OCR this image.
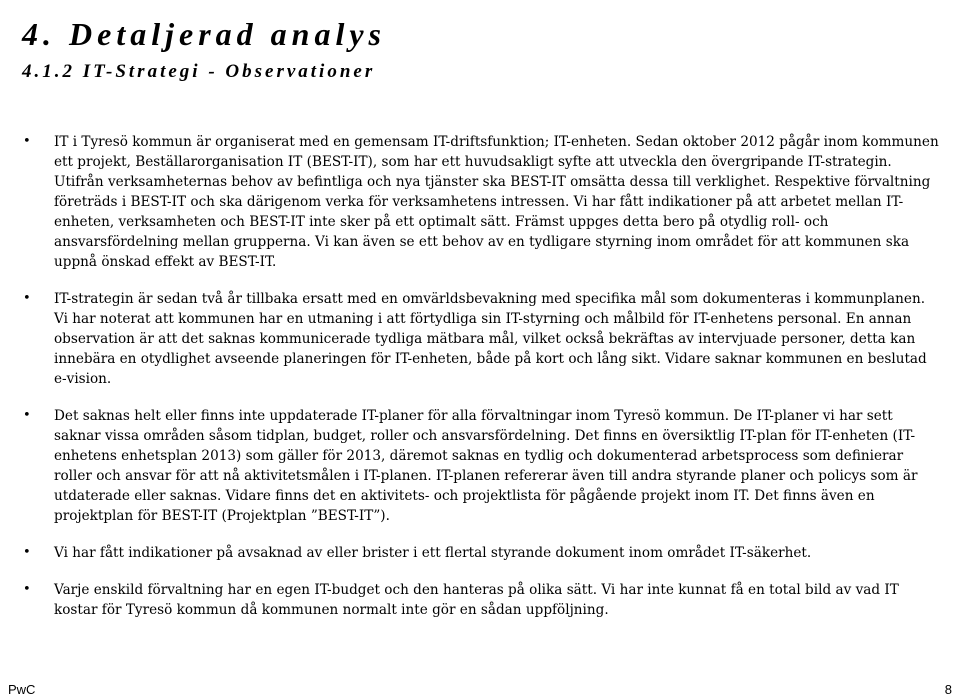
4. Detaljerad analys
4.1.2 IT-Strategi - Observationer
• IT i Tyresö kommun är organiserat med en gemensam IT-driftsfunktion; IT-enheten. Sedan oktober 2012 pågår inom kommunen ett projekt, Beställarorganisation IT (BEST-IT), som har ett huvudsakligt syfte att utveckla den övergripande IT-strategin. Utifrån verksamheternas behov av befintliga och nya tjänster ska BEST-IT omsätta dessa till verklighet. Respektive förvaltning företräds i BEST-IT och ska därigenom verka för verksamhetens intressen. Vi har fått indikationer på att arbetet mellan IT-enheten, verksamheten och BEST-IT inte sker på ett optimalt sätt. Främst uppges detta bero på otydlig roll- och ansvarsfördelning mellan grupperna. Vi kan även se ett behov av en tydligare styrning inom området för att kommunen ska uppnå önskad effekt av BEST-IT.
• IT-strategin är sedan två år tillbaka ersatt med en omvärldsbevakning med specifika mål som dokumenteras i kommunplanen. Vi har noterat att kommunen har en utmaning i att förtydliga sin IT-styrning och målbild för IT-enhetens personal. En annan observation är att det saknas kommunicerade tydliga mätbara mål, vilket också bekräftas av intervjuade personer, detta kan innebära en otydlighet avseende planeringen för IT-enheten, både på kort och lång sikt. Vidare saknar kommunen en beslutad e-vision.
• Det saknas helt eller finns inte uppdaterade IT-planer för alla förvaltningar inom Tyresö kommun. De IT-planer vi har sett saknar vissa områden såsom tidplan, budget, roller och ansvarsfördelning. Det finns en översiktlig IT-plan för IT-enheten (IT-enhetens enhetsplan 2013) som gäller för 2013, däremot saknas en tydlig och dokumenterad arbetsprocess som definierar roller och ansvar för att nå aktivitetsmålen i IT-planen. IT-planen refererar även till andra styrande planer och policys som är utdaterade eller saknas. Vidare finns det en aktivitets- och projektlista för pågående projekt inom IT. Det finns även en projektplan för BEST-IT (Projektplan ”BEST-IT”).
• Vi har fått indikationer på avsaknad av eller brister i ett flertal styrande dokument inom området IT-säkerhet.
• Varje enskild förvaltning har en egen IT-budget och den hanteras på olika sätt. Vi har inte kunnat få en total bild av vad IT kostar för Tyresö kommun då kommunen normalt inte gör en sådan uppföljning.
PwC	8
